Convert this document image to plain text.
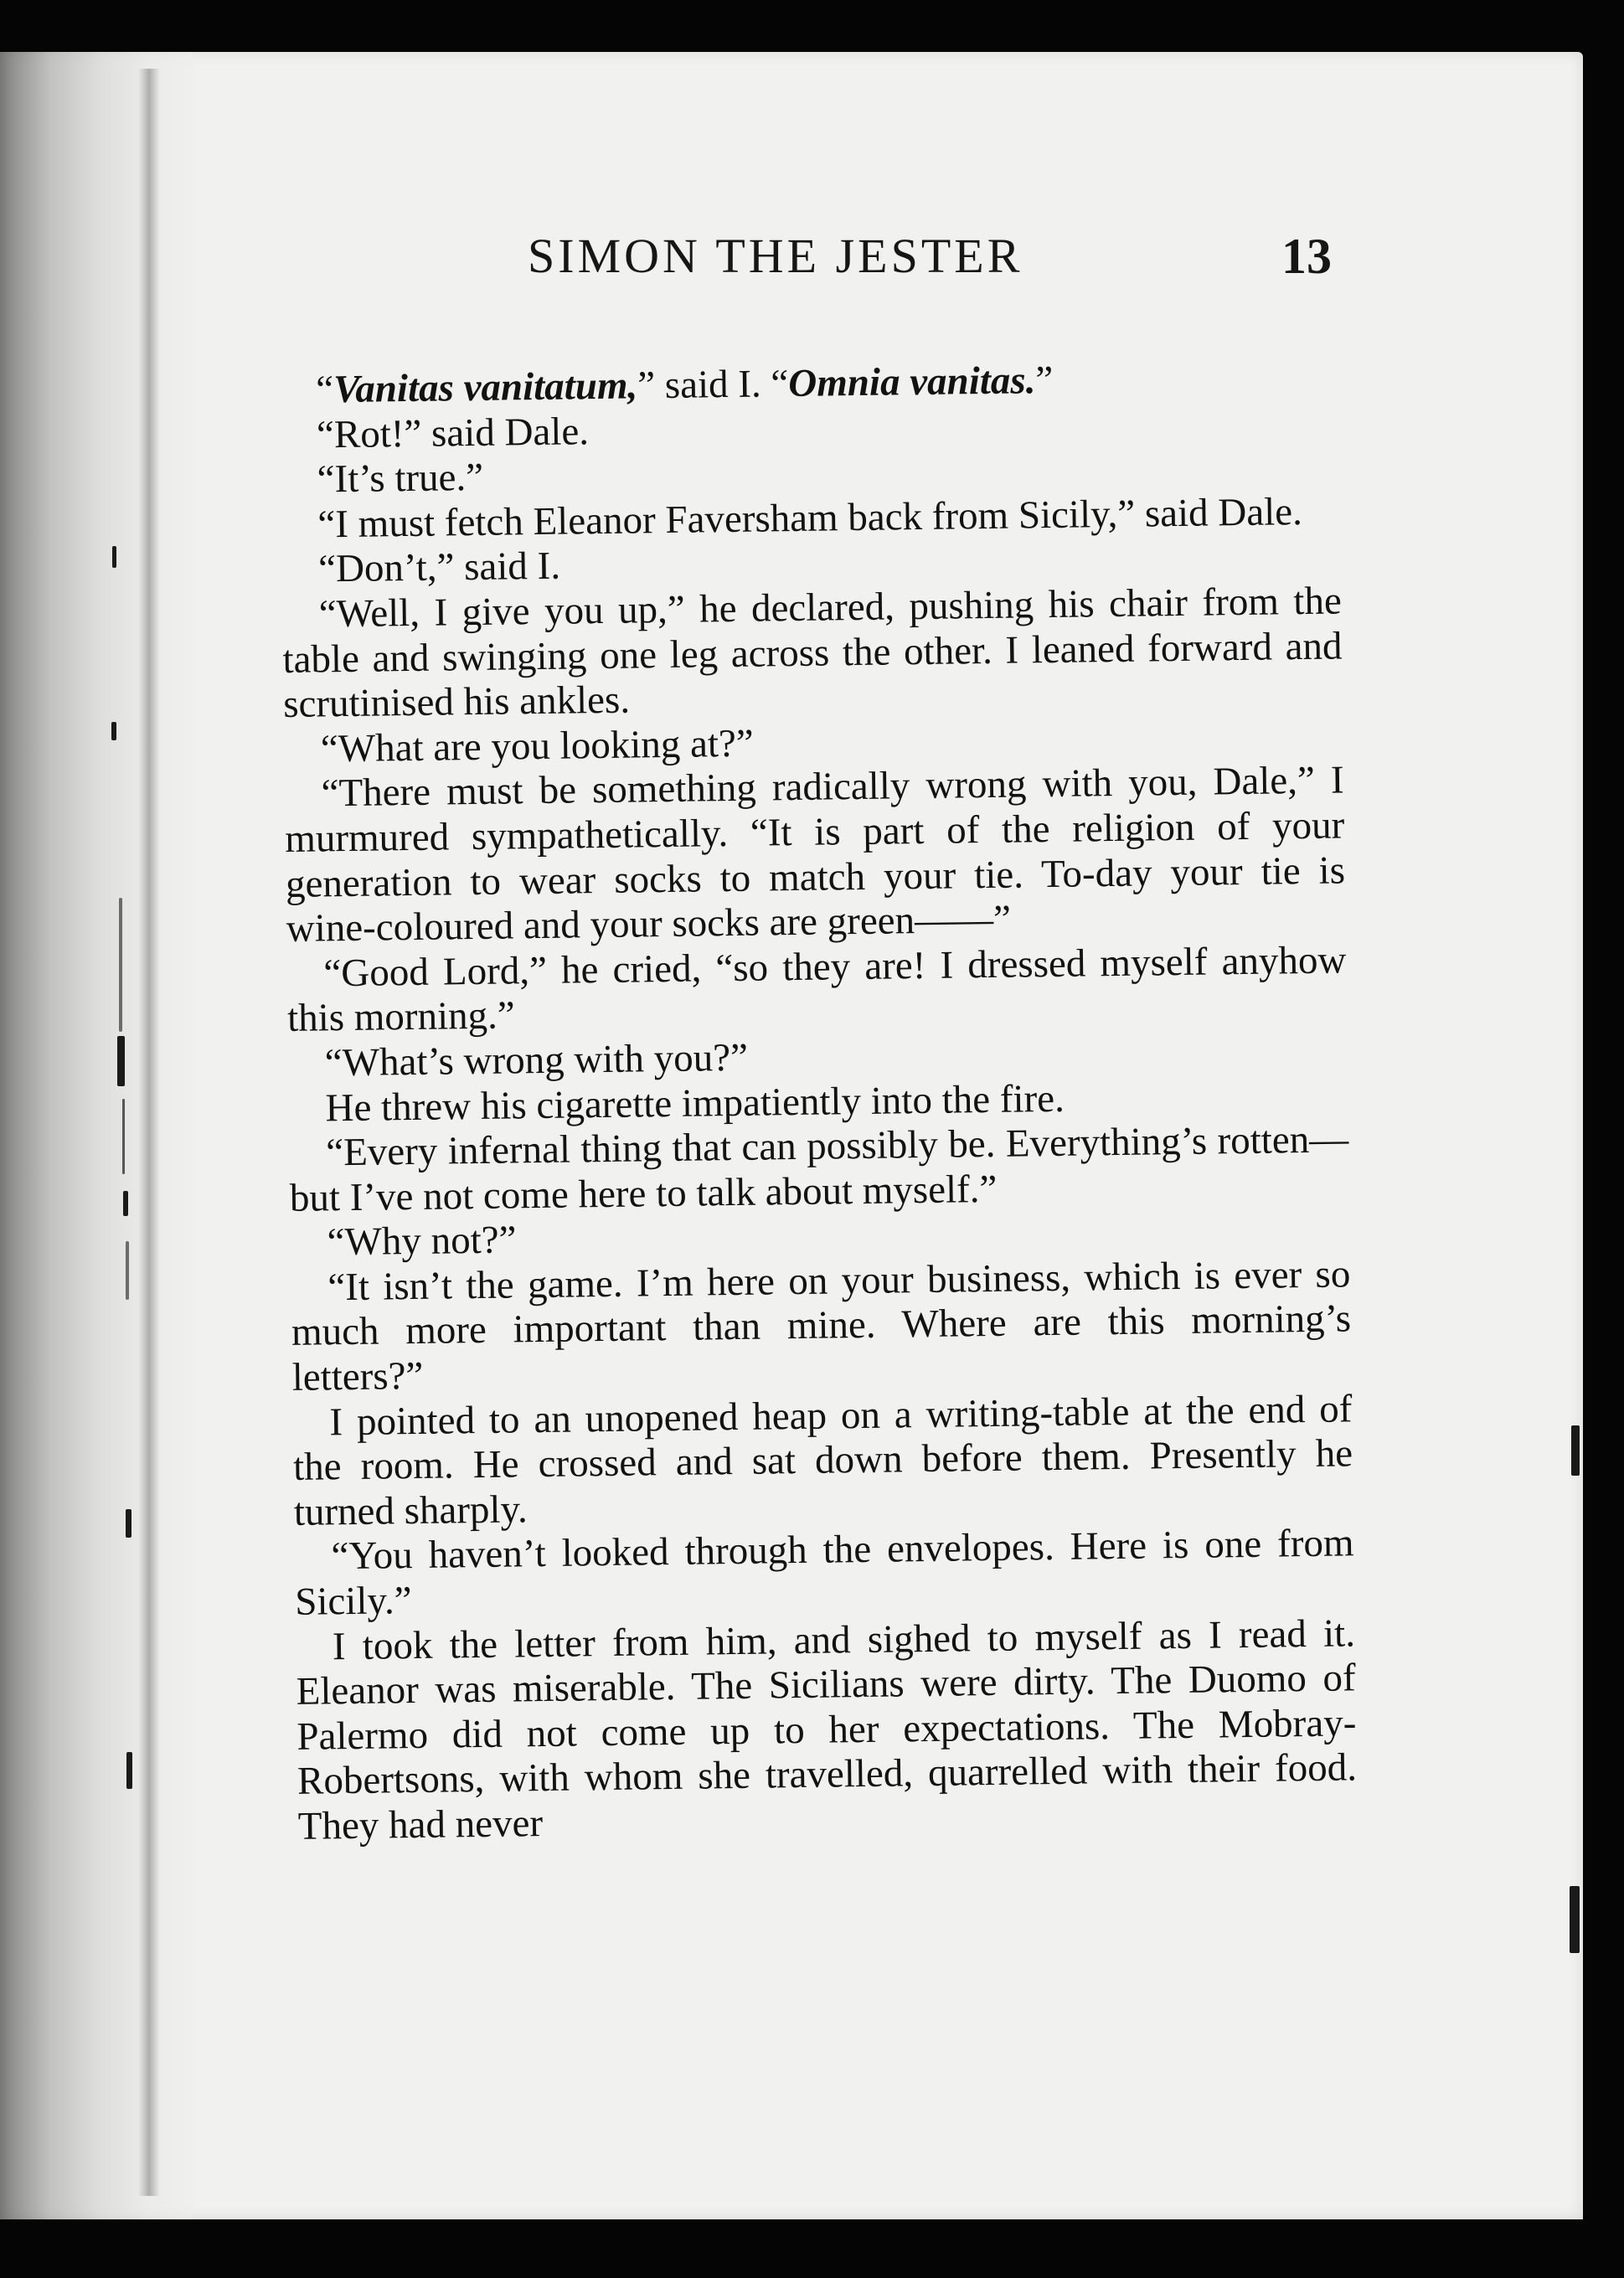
SIMON THE JESTER	13

“Vanitas vanitatum,” said I. “Omnia vanitas.”

“Rot!” said Dale.

“It’s true.”

“I must fetch Eleanor Faversham back from Sicily,” said Dale.

“Don’t,” said I.

“Well, I give you up,” he declared, pushing his chair from the table and swinging one leg across the other. I leaned forward and scrutinised his ankles.

“What are you looking at?”

“There must be something radically wrong with you, Dale,” I murmured sympathetically. “It is part of the religion of your generation to wear socks to match your tie. To-day your tie is wine-coloured and your socks are green——”

“Good Lord,” he cried, “so they are! I dressed myself anyhow this morning.”

“What’s wrong with you?”

He threw his cigarette impatiently into the fire.

“Every infernal thing that can possibly be. Everything’s rotten—but I’ve not come here to talk about myself.”

“Why not?”

“It isn’t the game. I’m here on your business, which is ever so much more important than mine. Where are this morning’s letters?”

I pointed to an unopened heap on a writing-table at the end of the room. He crossed and sat down before them. Presently he turned sharply.

“You haven’t looked through the envelopes. Here is one from Sicily.”

I took the letter from him, and sighed to myself as I read it. Eleanor was miserable. The Sicilians were dirty. The Duomo of Palermo did not come up to her expectations. The Mobray-Robertsons, with whom she travelled, quarrelled with their food. They had never
